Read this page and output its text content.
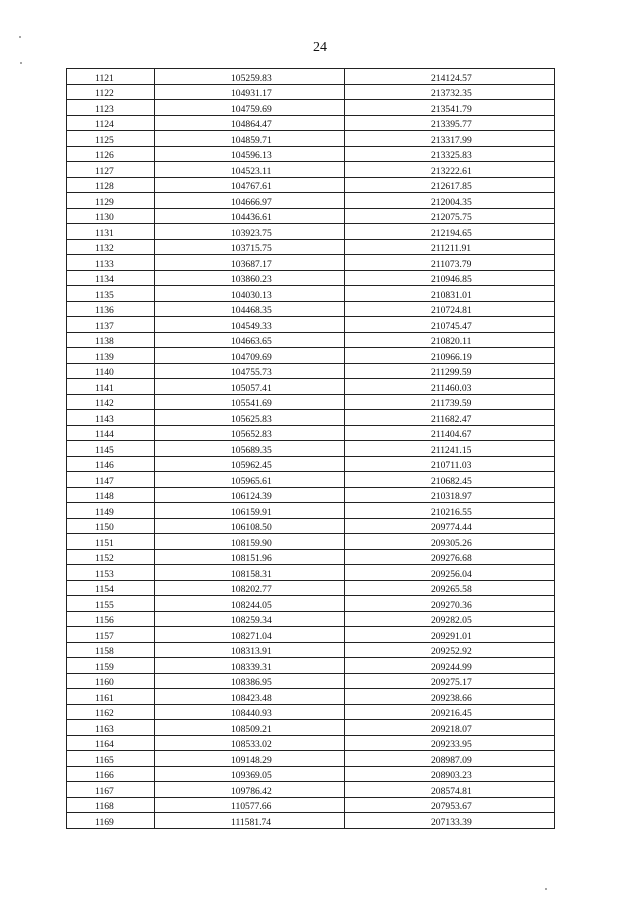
24
1121	105259.83	214124.57
1122	104931.17	213732.35
1123	104759.69	213541.79
1124	104864.47	213395.77
1125	104859.71	213317.99
1126	104596.13	213325.83
1127	104523.11	213222.61
1128	104767.61	212617.85
1129	104666.97	212004.35
1130	104436.61	212075.75
1131	103923.75	212194.65
1132	103715.75	211211.91
1133	103687.17	211073.79
1134	103860.23	210946.85
1135	104030.13	210831.01
1136	104468.35	210724.81
1137	104549.33	210745.47
1138	104663.65	210820.11
1139	104709.69	210966.19
1140	104755.73	211299.59
1141	105057.41	211460.03
1142	105541.69	211739.59
1143	105625.83	211682.47
1144	105652.83	211404.67
1145	105689.35	211241.15
1146	105962.45	210711.03
1147	105965.61	210682.45
1148	106124.39	210318.97
1149	106159.91	210216.55
1150	106108.50	209774.44
1151	108159.90	209305.26
1152	108151.96	209276.68
1153	108158.31	209256.04
1154	108202.77	209265.58
1155	108244.05	209270.36
1156	108259.34	209282.05
1157	108271.04	209291.01
1158	108313.91	209252.92
1159	108339.31	209244.99
1160	108386.95	209275.17
1161	108423.48	209238.66
1162	108440.93	209216.45
1163	108509.21	209218.07
1164	108533.02	209233.95
1165	109148.29	208987.09
1166	109369.05	208903.23
1167	109786.42	208574.81
1168	110577.66	207953.67
1169	111581.74	207133.39
